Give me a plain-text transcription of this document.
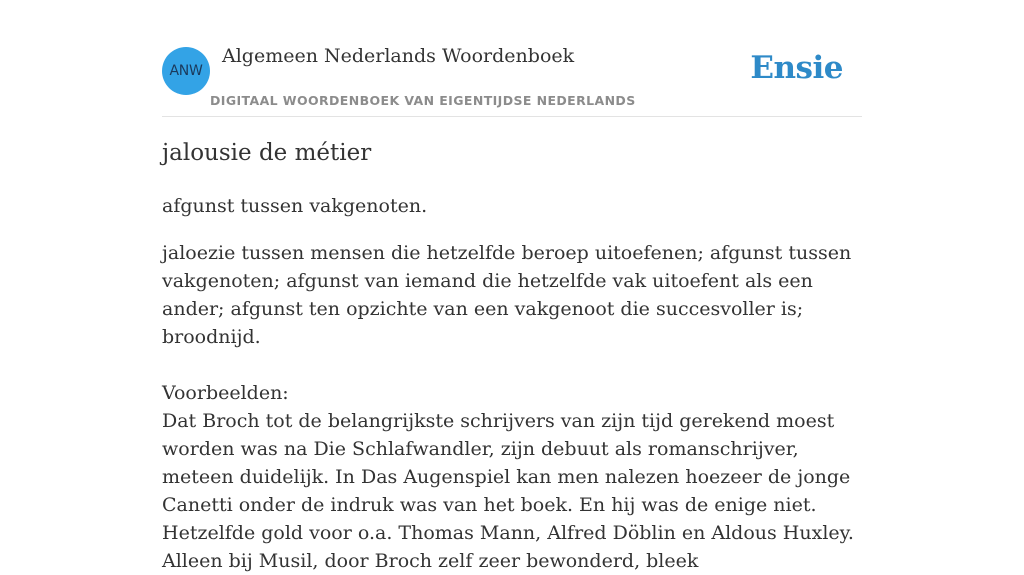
ANW
Algemeen Nederlands Woordenboek
DIGITAAL WOORDENBOEK VAN EIGENTIJDSE NEDERLANDS
Ensie
jalousie de métier

afgunst tussen vakgenoten.

jaloezie tussen mensen die hetzelfde beroep uitoefenen; afgunst tussen vakgenoten; afgunst van iemand die hetzelfde vak uitoefent als een ander; afgunst ten opzichte van een vakgenoot die succesvoller is; broodnijd.

Voorbeelden:

Dat Broch tot de belangrijkste schrijvers van zijn tijd gerekend moest worden was na Die Schlafwandler, zijn debuut als romanschrijver, meteen duidelijk. In Das Augenspiel kan men nalezen hoezeer de jonge Canetti onder de indruk was van het boek. En hij was de enige niet. Hetzelfde gold voor o.a. Thomas Mann, Alfred Döblin en Aldous Huxley. Alleen bij Musil, door Broch zelf zeer bewonderd, bleek
